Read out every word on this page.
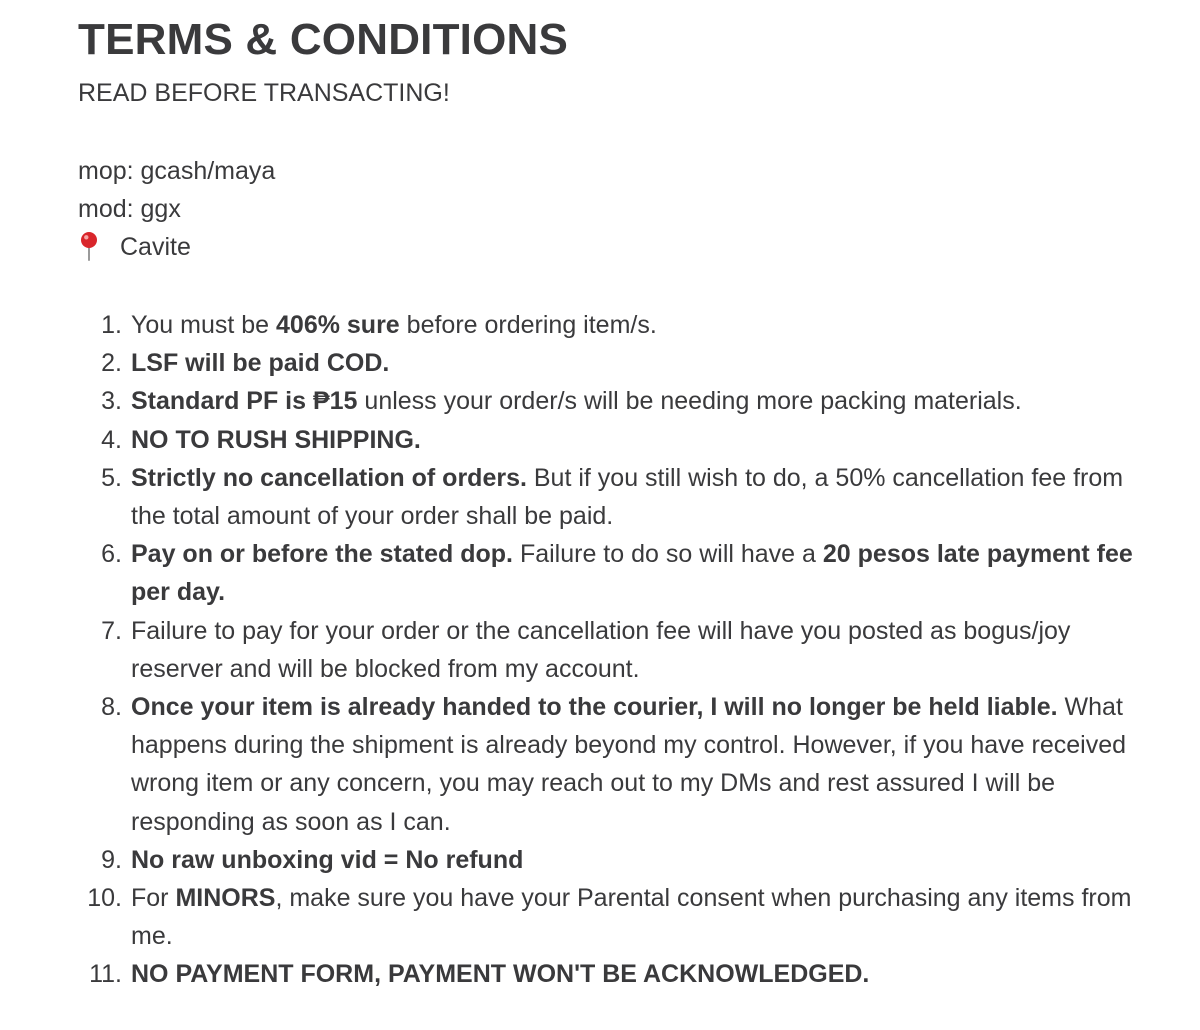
TERMS & CONDITIONS
READ BEFORE TRANSACTING!
mop: gcash/maya
mod: ggx
Cavite
1. You must be 406% sure before ordering item/s.
2. LSF will be paid COD.
3. Standard PF is ₱15 unless your order/s will be needing more packing materials.
4. NO TO RUSH SHIPPING.
5. Strictly no cancellation of orders. But if you still wish to do, a 50% cancellation fee from the total amount of your order shall be paid.
6. Pay on or before the stated dop. Failure to do so will have a 20 pesos late payment fee per day.
7. Failure to pay for your order or the cancellation fee will have you posted as bogus/joy reserver and will be blocked from my account.
8. Once your item is already handed to the courier, I will no longer be held liable. What happens during the shipment is already beyond my control. However, if you have received wrong item or any concern, you may reach out to my DMs and rest assured I will be responding as soon as I can.
9. No raw unboxing vid = No refund
10. For MINORS, make sure you have your Parental consent when purchasing any items from me.
11. NO PAYMENT FORM, PAYMENT WON'T BE ACKNOWLEDGED.
